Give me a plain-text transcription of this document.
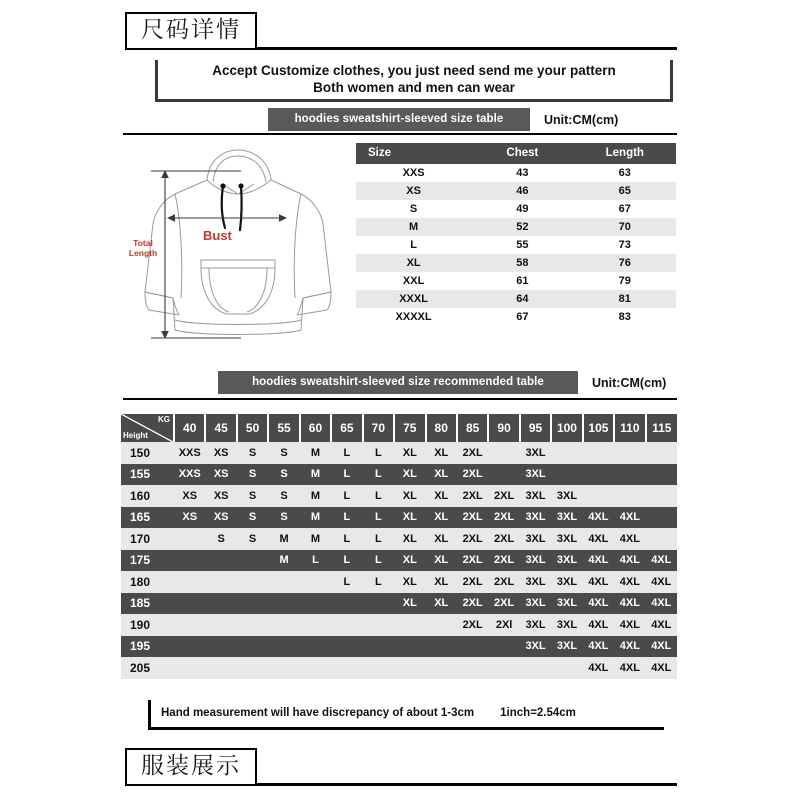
尺码详情
Accept Customize clothes, you just need send me your pattern
Both women and men can wear
hoodies sweatshirt-sleeved size table	Unit:CM(cm)
Total
Length
Bust
Size	Chest	Length
XXS	43	63
XS	46	65
S	49	67
M	52	70
L	55	73
XL	58	76
XXL	61	79
XXXL	64	81
XXXXL	67	83
hoodies sweatshirt-sleeved size recommended table	Unit:CM(cm)
KG
Height	40	45	50	55	60	65	70	75	80	85	90	95	100	105	110	115
150	XXS	XS	S	S	M	L	L	XL	XL	2XL		3XL				
155	XXS	XS	S	S	M	L	L	XL	XL	2XL		3XL				
160	XS	XS	S	S	M	L	L	XL	XL	2XL	2XL	3XL	3XL			
165	XS	XS	S	S	M	L	L	XL	XL	2XL	2XL	3XL	3XL	4XL	4XL	
170		S	S	M	M	L	L	XL	XL	2XL	2XL	3XL	3XL	4XL	4XL	
175				M	L	L	L	XL	XL	2XL	2XL	3XL	3XL	4XL	4XL	4XL
180						L	L	XL	XL	2XL	2XL	3XL	3XL	4XL	4XL	4XL
185								XL	XL	2XL	2XL	3XL	3XL	4XL	4XL	4XL
190										2XL	2Xl	3XL	3XL	4XL	4XL	4XL
195												3XL	3XL	4XL	4XL	4XL
205														4XL	4XL	4XL
Hand measurement will have discrepancy of about 1-3cm 1inch=2.54cm
服装展示
